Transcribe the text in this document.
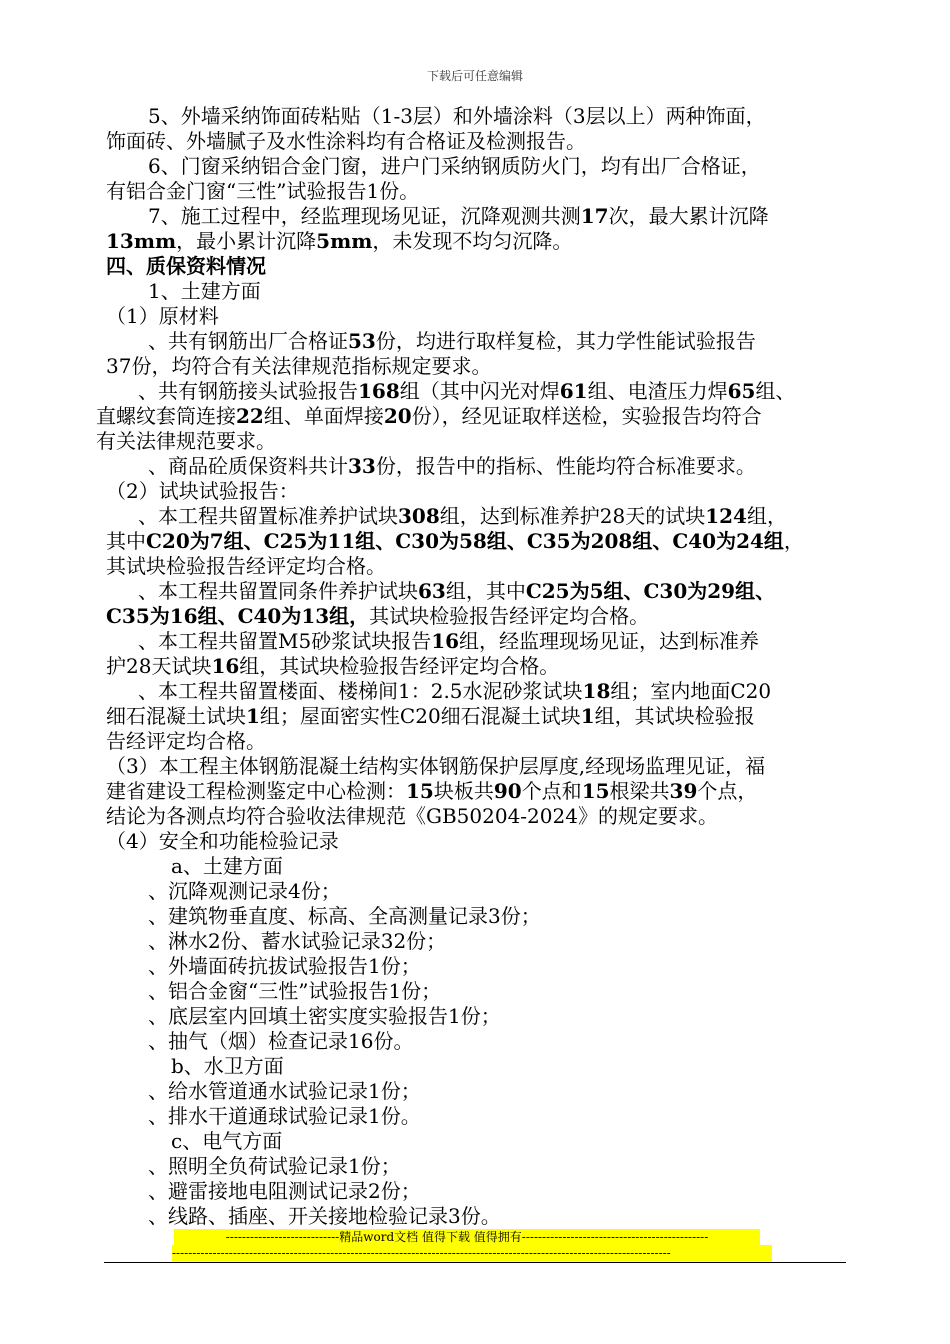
下载后可任意编辑
5、外墙采纳饰面砖粘贴（1-3层）和外墙涂料（3层以上）两种饰面，
饰面砖、外墙腻子及水性涂料均有合格证及检测报告。
6、门窗采纳铝合金门窗，进户门采纳钢质防火门，均有出厂合格证，
有铝合金门窗“三性”试验报告1份。
7、施工过程中，经监理现场见证，沉降观测共测17次，最大累计沉降
13mm，最小累计沉降5mm，未发现不均匀沉降。
四、质保资料情况
1、土建方面
（1）原材料
、共有钢筋出厂合格证53份，均进行取样复检，其力学性能试验报告
37份，均符合有关法律规范指标规定要求。
、共有钢筋接头试验报告168组（其中闪光对焊61组、电渣压力焊65组、
直螺纹套筒连接22组、单面焊接20份），经见证取样送检，实验报告均符合
有关法律规范要求。
、商品砼质保资料共计33份，报告中的指标、性能均符合标准要求。
（2）试块试验报告：
、本工程共留置标准养护试块308组，达到标准养护28天的试块124组，
其中C20为7组、C25为11组、C30为58组、C35为208组、C40为24组，
其试块检验报告经评定均合格。
、本工程共留置同条件养护试块63组，其中C25为5组、C30为29组、
C35为16组、C40为13组，其试块检验报告经评定均合格。
、本工程共留置M5砂浆试块报告16组，经监理现场见证，达到标准养
护28天试块16组，其试块检验报告经评定均合格。
、本工程共留置楼面、楼梯间1：2.5水泥砂浆试块18组；室内地面C20
细石混凝土试块1组；屋面密实性C20细石混凝土试块1组，其试块检验报
告经评定均合格。
（3）本工程主体钢筋混凝土结构实体钢筋保护层厚度,经现场监理见证，福
建省建设工程检测鉴定中心检测：15块板共90个点和15根梁共39个点，
结论为各测点均符合验收法律规范《GB50204-2024》的规定要求。
（4）安全和功能检验记录
a、土建方面
、沉降观测记录4份；
、建筑物垂直度、标高、全高测量记录3份；
、淋水2份、蓄水试验记录32份；
、外墙面砖抗拔试验报告1份；
、铝合金窗“三性”试验报告1份；
、底层室内回填土密实度实验报告1份；
、抽气（烟）检查记录16份。
b、水卫方面
、给水管道通水试验记录1份；
、排水干道通球试验记录1份。
c、电气方面
、照明全负荷试验记录1份；
、避雷接地电阻测试记录2份；
、线路、插座、开关接地检验记录3份。
----------------------------精品word文档 值得下载 值得拥有----------------------------------------------
---------------------------------------------------------------------------------------------------------------------------
